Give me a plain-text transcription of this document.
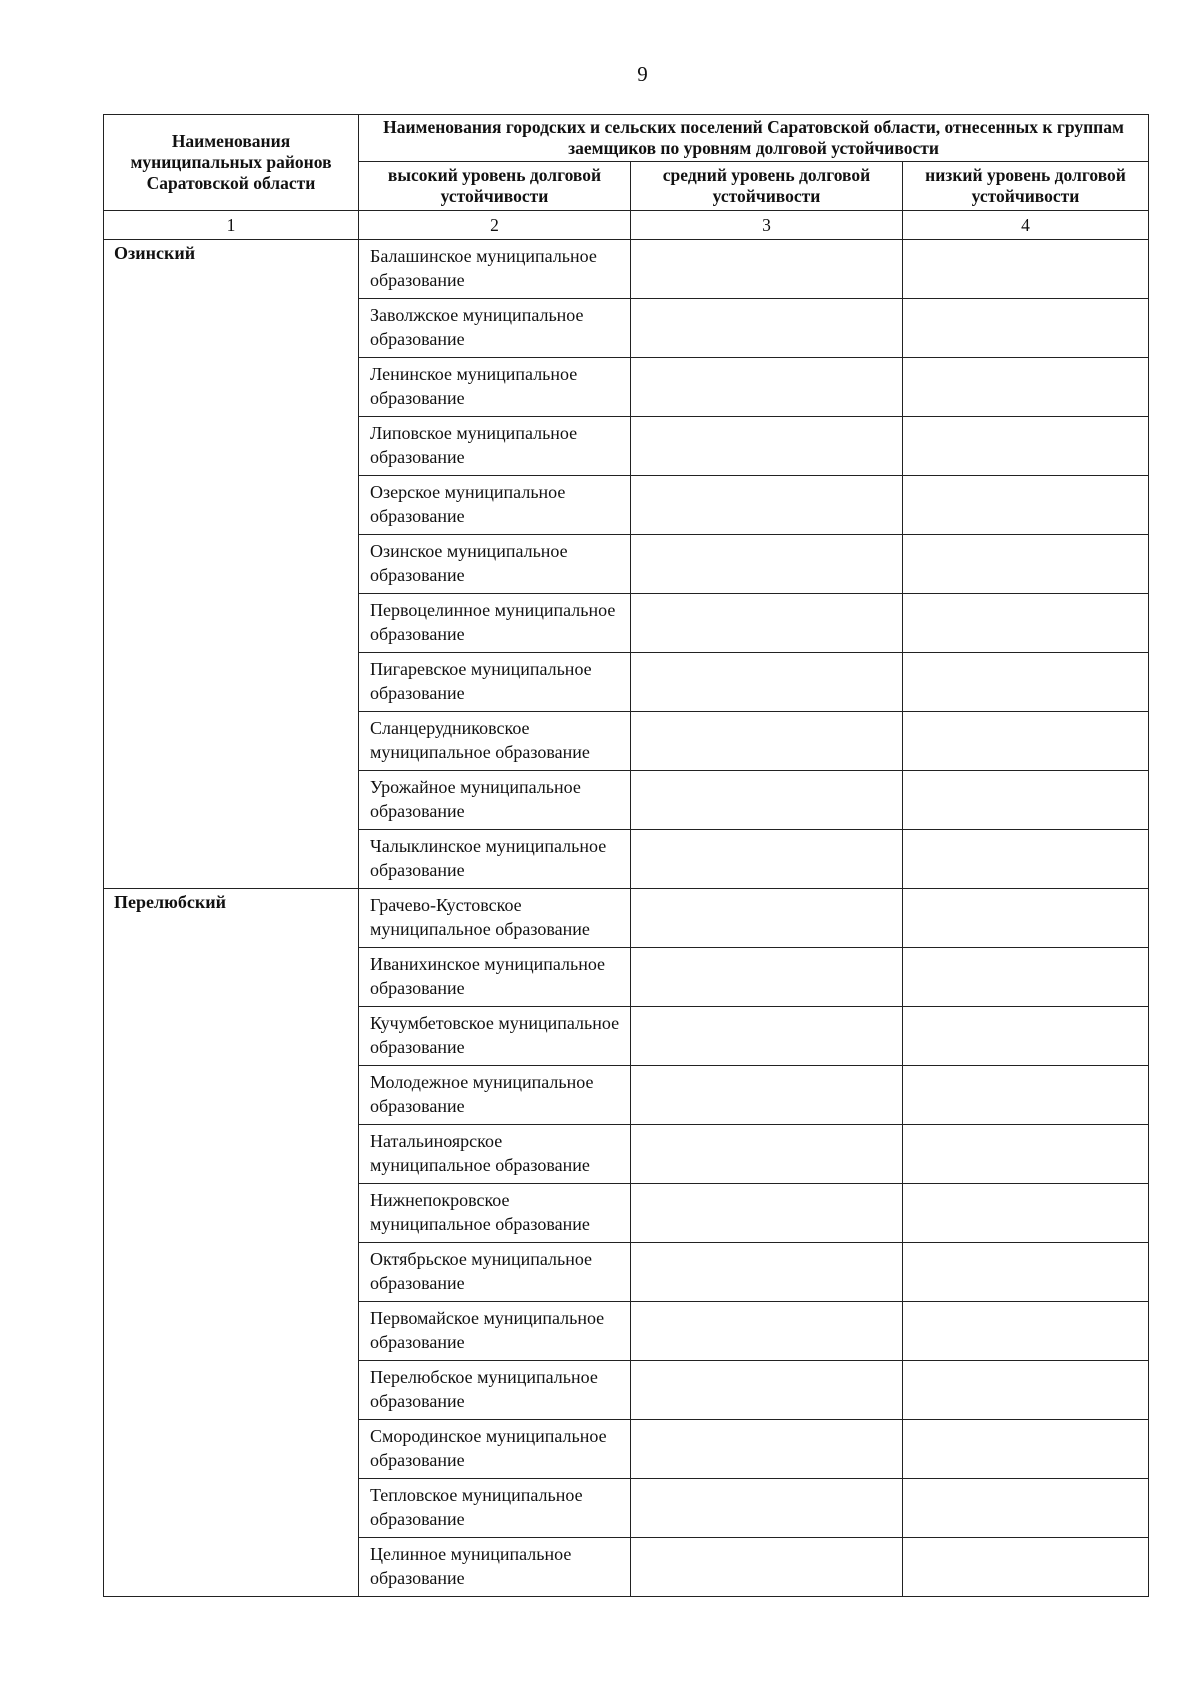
9
Наименования муниципальных районов Саратовской области	Наименования городских и сельских поселений Саратовской области, отнесенных к группам заемщиков по уровням долговой устойчивости		
	высокий уровень долговой устойчивости	средний уровень долговой устойчивости	низкий уровень долговой устойчивости
1	2	3	4
Озинский	Балашинское муниципальное образование		
	Заволжское муниципальное образование		
	Ленинское муниципальное образование		
	Липовское муниципальное образование		
	Озерское муниципальное образование		
	Озинское муниципальное образование		
	Первоцелинное муниципальное образование		
	Пигаревское муниципальное образование		
	Сланцерудниковское муниципальное образование		
	Урожайное муниципальное образование		
	Чалыклинское муниципальное образование		
Перелюбский	Грачево-Кустовское муниципальное образование		
	Иванихинское муниципальное образование		
	Кучумбетовское муниципальное образование		
	Молодежное муниципальное образование		
	Натальиноярское муниципальное образование		
	Нижнепокровское муниципальное образование		
	Октябрьское муниципальное образование		
	Первомайское муниципальное образование		
	Перелюбское муниципальное образование		
	Смородинское муниципальное образование		
	Тепловское муниципальное образование		
	Целинное муниципальное образование		
